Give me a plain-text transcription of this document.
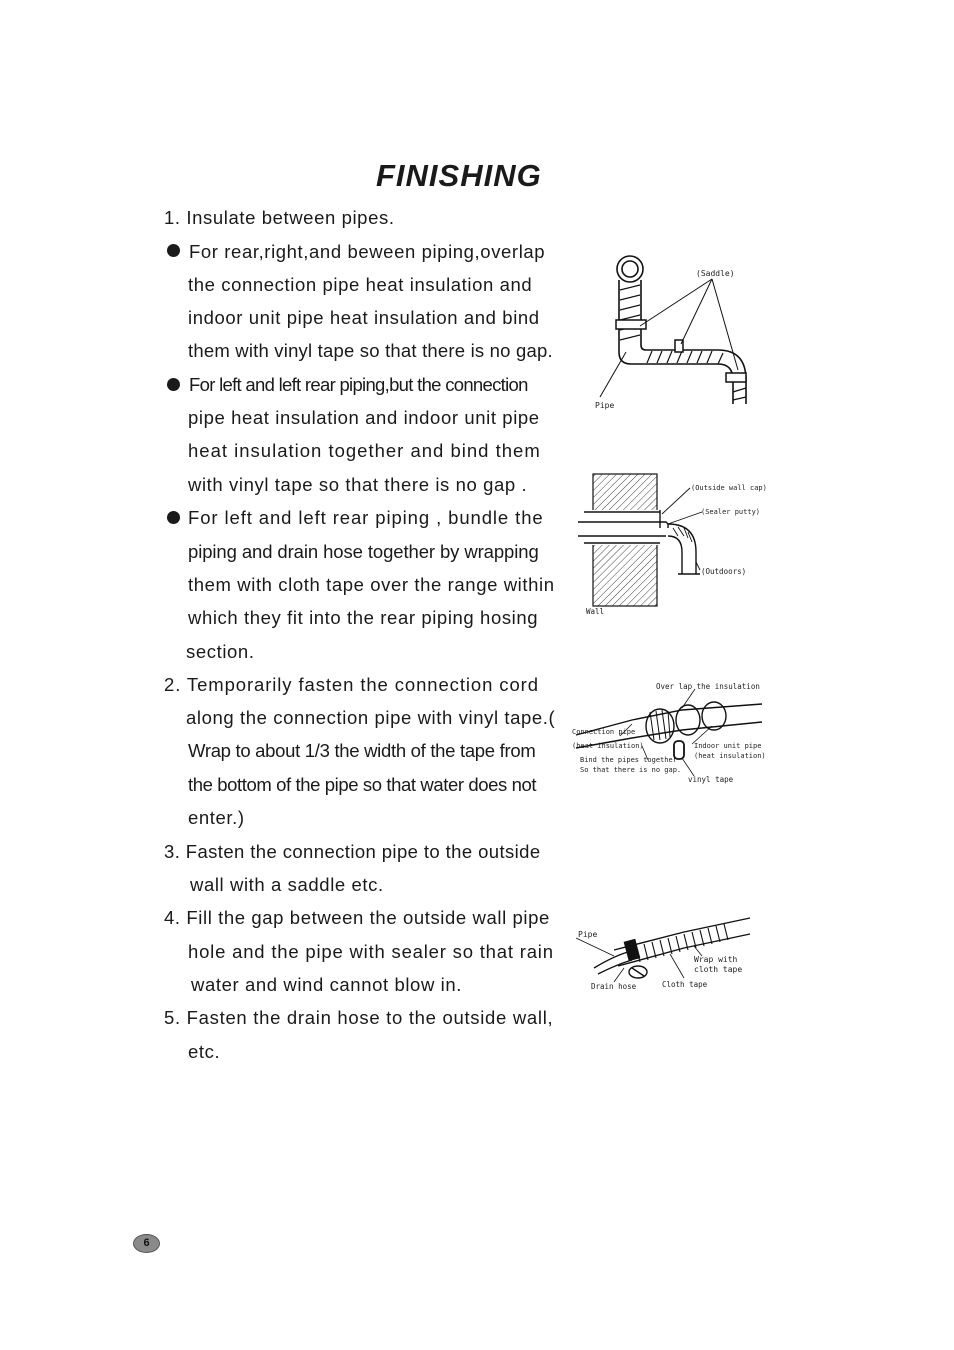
FINISHING
1. Insulate between pipes.
For rear,right,and beween piping,overlap
the connection pipe heat insulation and
indoor unit pipe heat insulation and bind
them with vinyl tape so that there is no gap.
For left and left rear piping,but the connection
pipe heat insulation and indoor unit pipe
heat insulation together and bind them
with vinyl tape so that there is no gap .
For left and left rear piping , bundle the
piping and drain hose together by wrapping
them with cloth tape over the range within
which they fit into the rear piping hosing
section.
2. Temporarily fasten the connection cord
along the connection pipe with vinyl tape.(
Wrap to about 1/3 the width of the tape from
the bottom of the pipe so that water does not
enter.)
3. Fasten the connection pipe to the outside
wall with a saddle etc.
4. Fill the gap between the outside wall pipe
hole and the pipe with sealer so that rain
water and wind cannot blow in.
5. Fasten the drain hose to the outside wall,
etc.
(Saddle)
Pipe
(Outside wall cap)
(Sealer putty)
(Outdoors)
Wall
Over lap the insulation
Connection pipe
(heat insulation)
Bind the pipes together
So that there is no gap.
Indoor unit pipe
(heat insulation)
vinyl tape
Pipe
Wrap with
cloth tape
Drain hose	Cloth tape
6
